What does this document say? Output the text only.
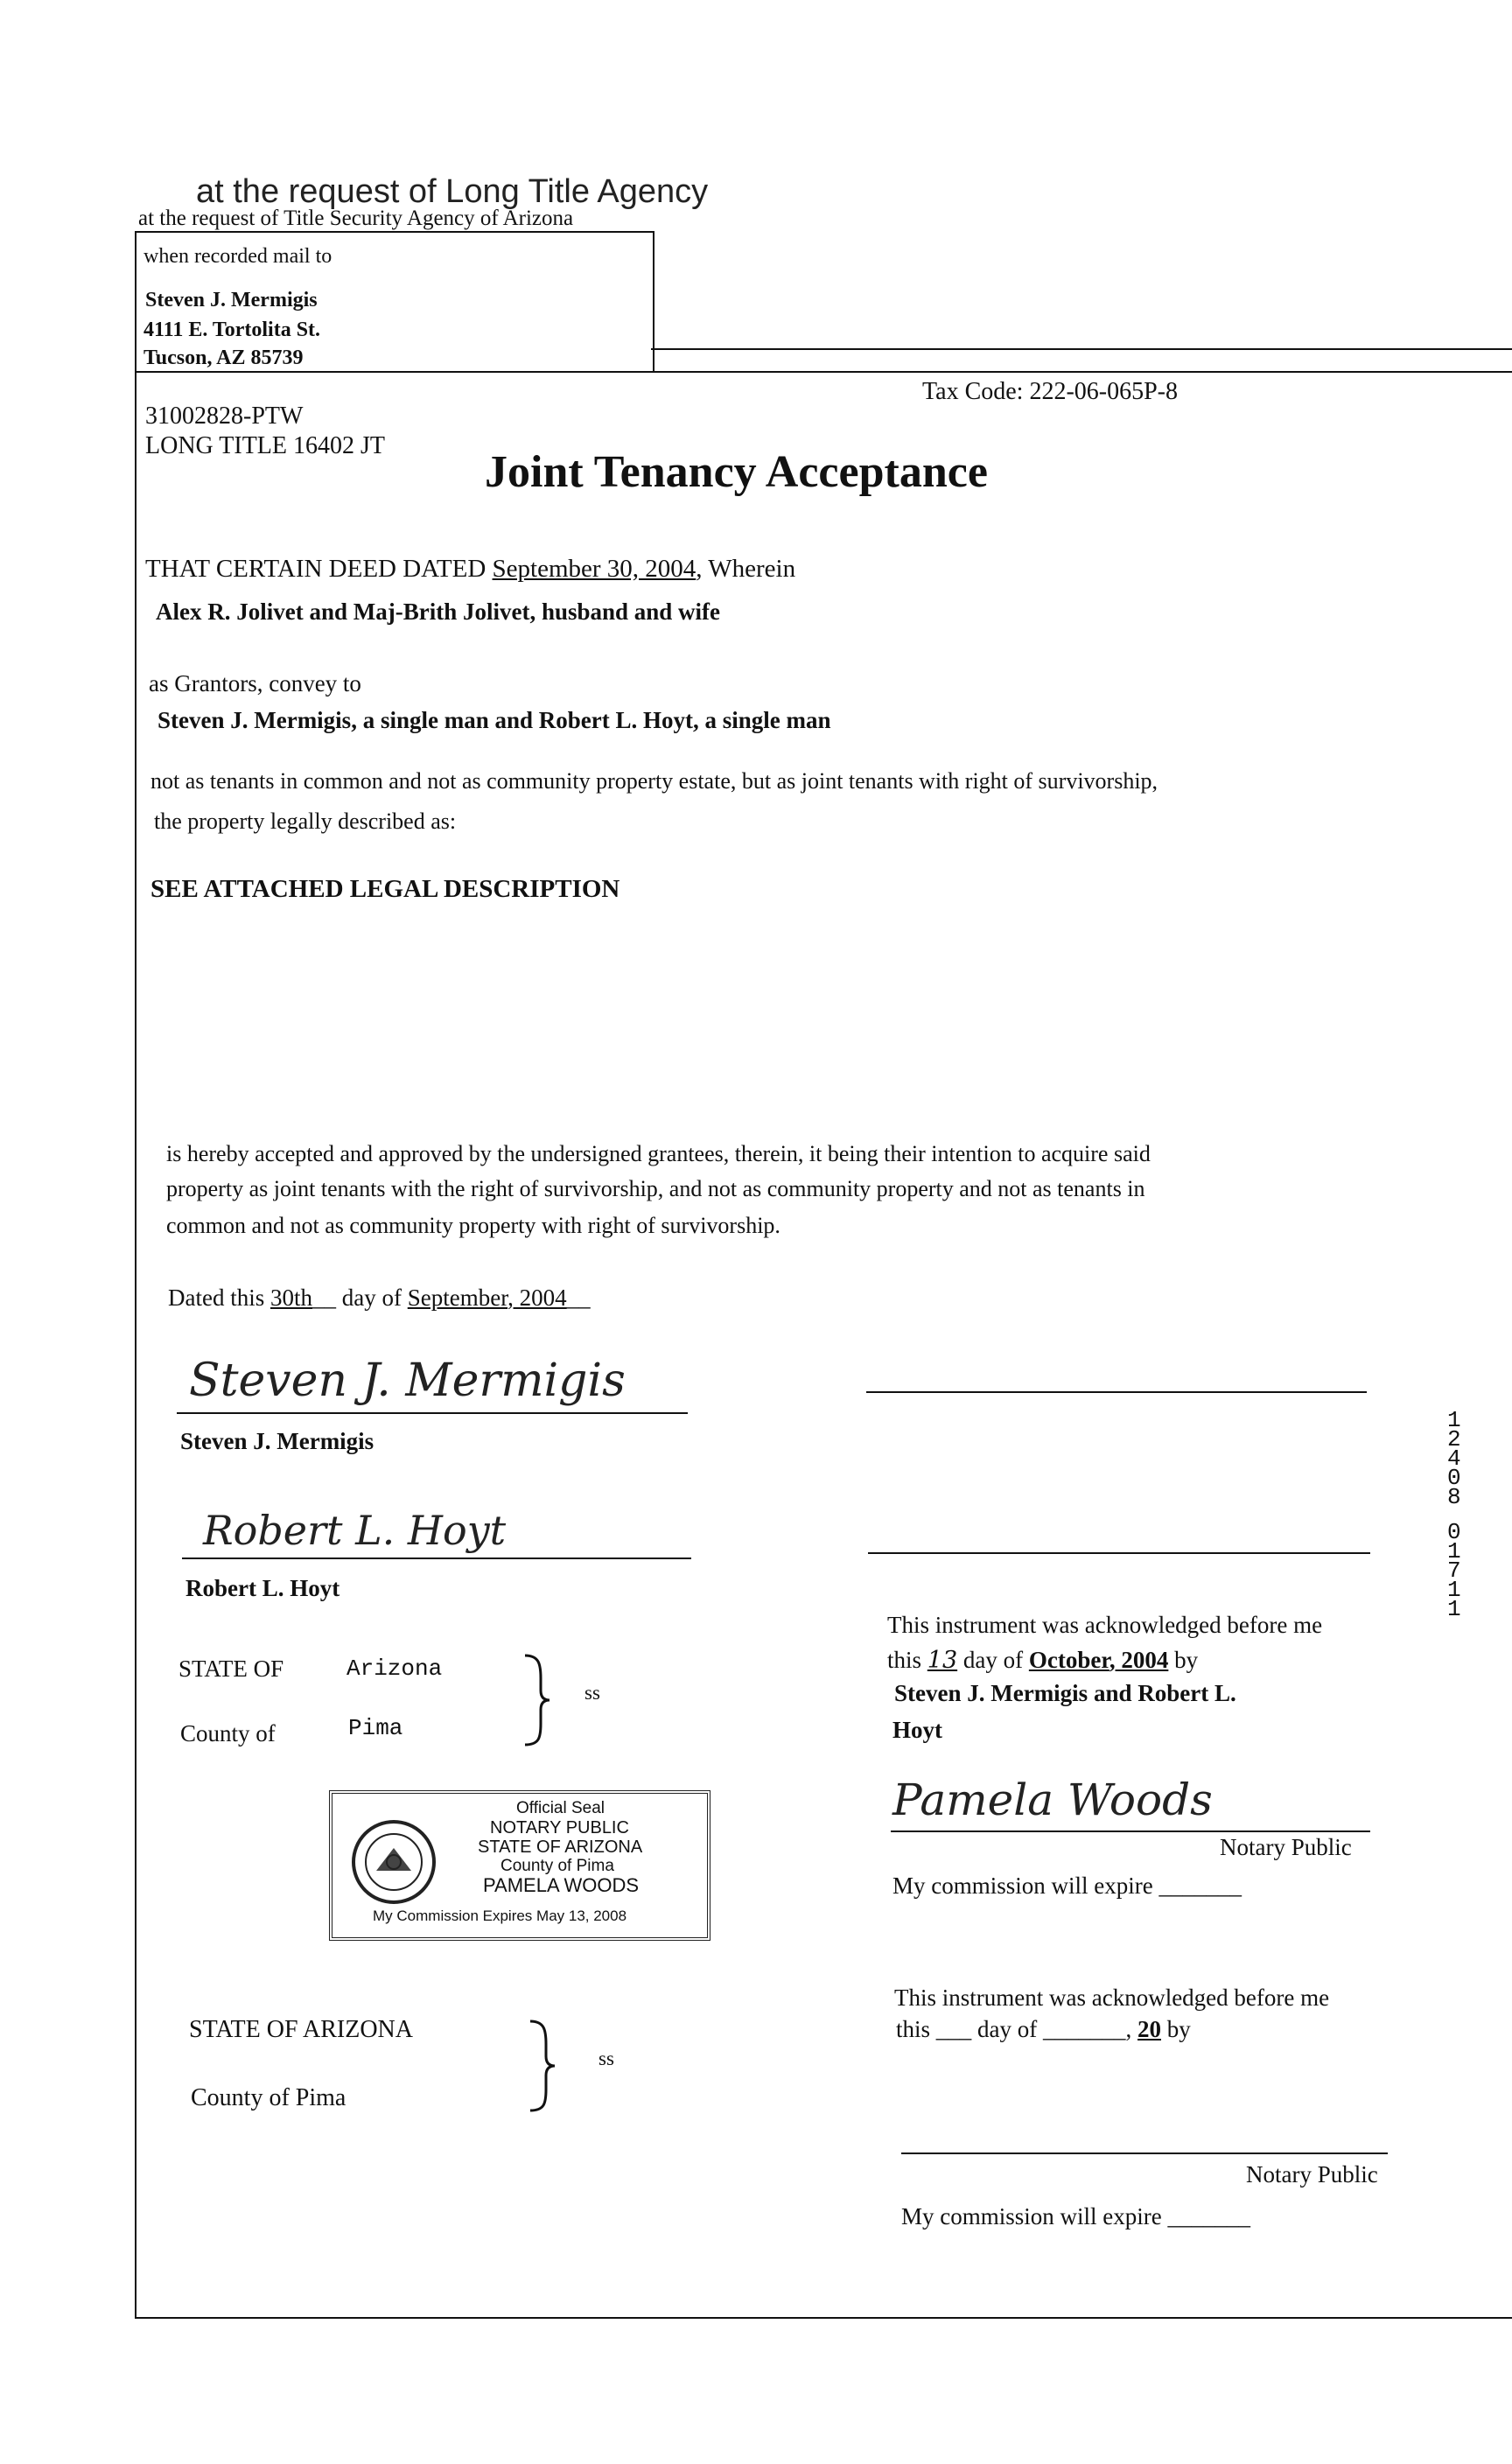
at the request of Long Title Agency
at the request of Title Security Agency of Arizona
when recorded mail to
Steven J. Mermigis
4111 E. Tortolita St.
Tucson, AZ 85739
31002828-PTW
LONG TITLE 16402 JT
Tax Code: 222-06-065P-8
Joint Tenancy Acceptance
THAT CERTAIN DEED DATED September 30, 2004, Wherein
Alex R. Jolivet and Maj-Brith Jolivet, husband and wife
as Grantors, convey to
Steven J. Mermigis, a single man and Robert L. Hoyt, a single man
not as tenants in common and not as community property estate, but as joint tenants with right of survivorship,
the property legally described as:
SEE ATTACHED LEGAL DESCRIPTION
is hereby accepted and approved by the undersigned grantees, therein, it being their intention to acquire said
property as joint tenants with the right of survivorship, and not as community property and not as tenants in
common and not as community property with right of survivorship.
Dated this 30th__ day of September, 2004__
Steven J. Mermigis
Steven J. Mermigis
Robert L. Hoyt
Robert L. Hoyt
STATE OF	Arizona
County of	Pima
ss
Official Seal
NOTARY PUBLIC
STATE OF ARIZONA
County of Pima
PAMELA WOODS
My Commission Expires May 13, 2008
This instrument was acknowledged before me
this 13 day of October, 2004 by
Steven J. Mermigis and Robert L.
Hoyt
Pamela Woods
Notary Public
My commission will expire _______
STATE OF ARIZONA
County of Pima
ss
This instrument was acknowledged before me
this ___ day of _______, 20 by
Notary Public
My commission will expire _______
1
2
4
0
8
0
1
7
1
1
